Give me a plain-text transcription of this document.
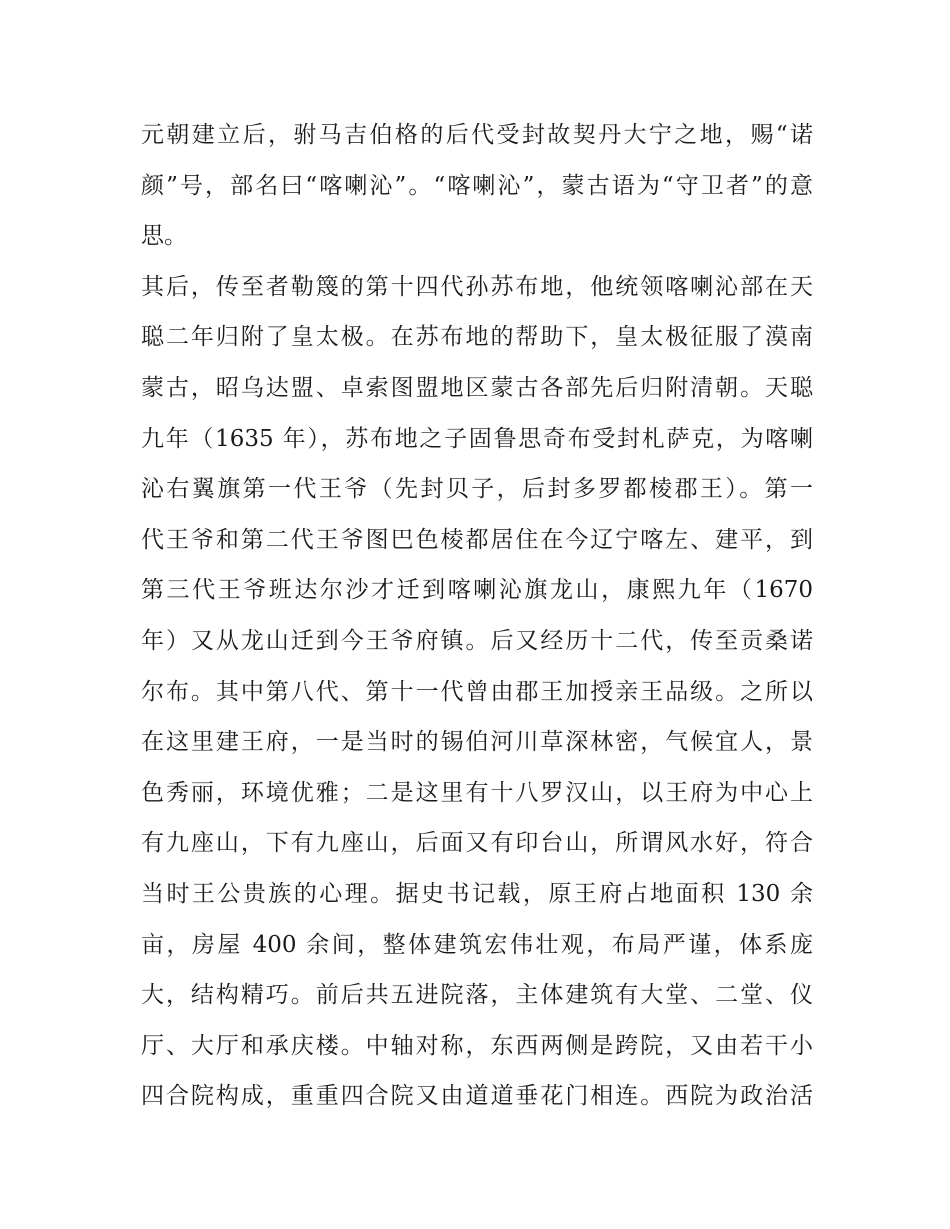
元朝建立后，驸马吉伯格的后代受封故契丹大宁之地，赐“诺
颜”号，部名曰“喀喇沁”。“喀喇沁”，蒙古语为“守卫者”的意
思。
其后，传至者勒篾的第十四代孙苏布地，他统领喀喇沁部在天
聪二年归附了皇太极。在苏布地的帮助下，皇太极征服了漠南
蒙古，昭乌达盟、卓索图盟地区蒙古各部先后归附清朝。天聪
九年（1635 年），苏布地之子固鲁思奇布受封札萨克，为喀喇
沁右翼旗第一代王爷（先封贝子，后封多罗都棱郡王）。第一
代王爷和第二代王爷图巴色棱都居住在今辽宁喀左、建平，到
第三代王爷班达尔沙才迁到喀喇沁旗龙山，康熙九年（1670
年）又从龙山迁到今王爷府镇。后又经历十二代，传至贡桑诺
尔布。其中第八代、第十一代曾由郡王加授亲王品级。之所以
在这里建王府，一是当时的锡伯河川草深林密，气候宜人，景
色秀丽，环境优雅；二是这里有十八罗汉山，以王府为中心上
有九座山，下有九座山，后面又有印台山，所谓风水好，符合
当时王公贵族的心理。据史书记载，原王府占地面积 130 余
亩，房屋 400 余间，整体建筑宏伟壮观，布局严谨，体系庞
大，结构精巧。前后共五进院落，主体建筑有大堂、二堂、仪
厅、大厅和承庆楼。中轴对称，东西两侧是跨院，又由若干小
四合院构成，重重四合院又由道道垂花门相连。西院为政治活
